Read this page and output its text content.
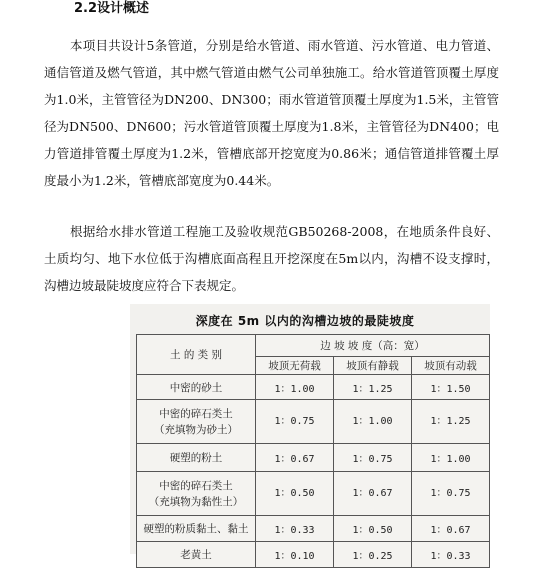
2.2设计概述

本项目共设计5条管道，分别是给水管道、雨水管道、污水管道、电力管道、通信管道及燃气管道，其中燃气管道由燃气公司单独施工。给水管道管顶覆土厚度为1.0米，主管管径为DN200、DN300；雨水管道管顶覆土厚度为1.5米，主管管径为DN500、DN600；污水管道管顶覆土厚度为1.8米，主管管径为DN400；电力管道排管覆土厚度为1.2米，管槽底部开挖宽度为0.86米；通信管道排管覆土厚度最小为1.2米，管槽底部宽度为0.44米。

根据给水排水管道工程施工及验收规范GB50268-2008，在地质条件良好、土质均匀、地下水位低于沟槽底面高程且开挖深度在5m以内，沟槽不设支撑时，沟槽边坡最陡坡度应符合下表规定。

深度在 5m 以内的沟槽边坡的最陡坡度
土 的 类 别	边 坡 坡 度（高：宽）		
	坡顶无荷载	坡顶有静载	坡顶有动载
中密的砂土	1：1.00	1：1.25	1：1.50
中密的碎石类土
（充填物为砂土）	1：0.75	1：1.00	1：1.25
硬塑的粉土	1：0.67	1：0.75	1：1.00
中密的碎石类土
（充填物为黏性土）	1：0.50	1：0.67	1：0.75
硬塑的粉质黏土、黏土	1：0.33	1：0.50	1：0.67
老黄土	1：0.10	1：0.25	1：0.33
